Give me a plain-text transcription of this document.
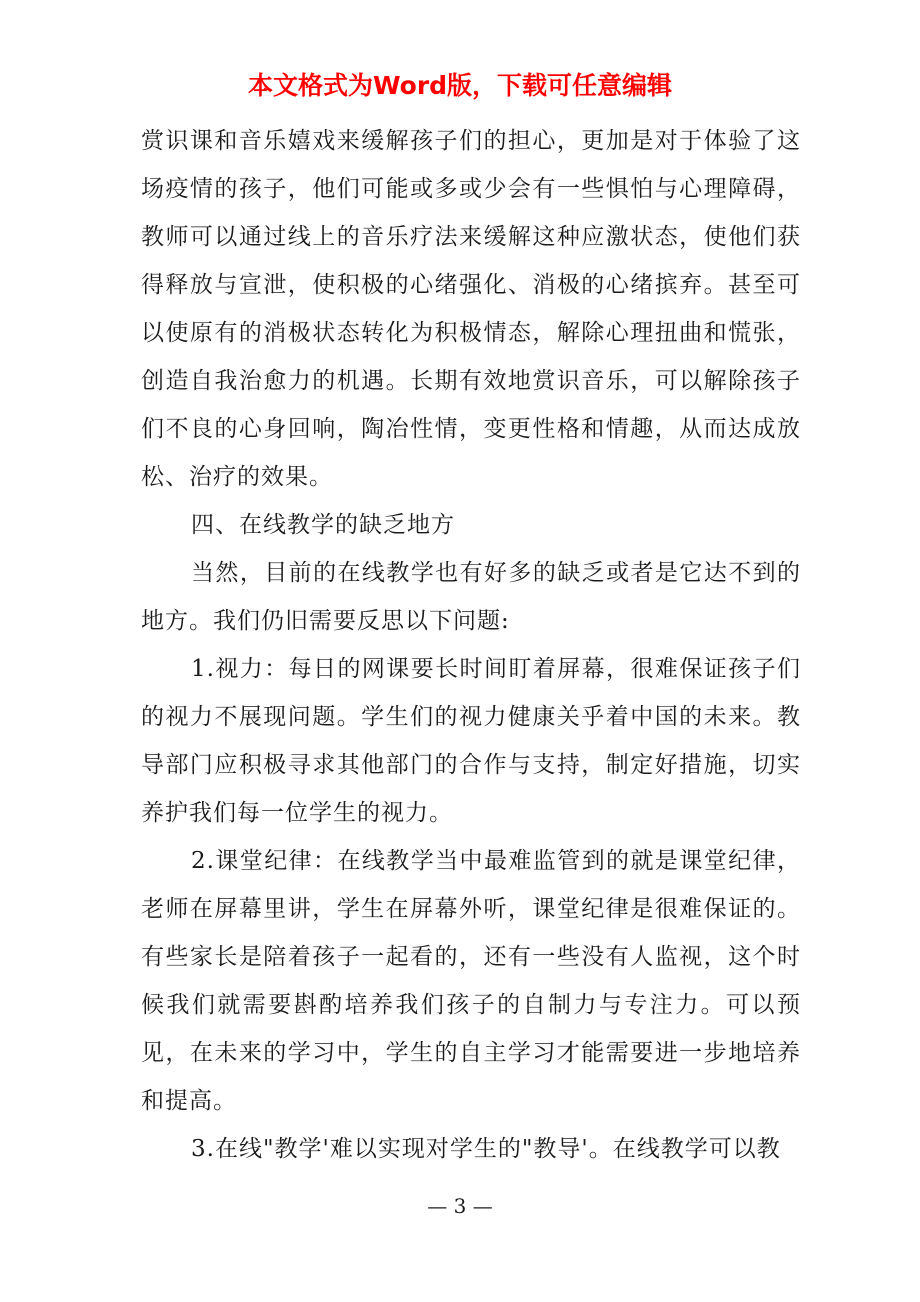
本文格式为Word版，下载可任意编辑

赏识课和音乐嬉戏来缓解孩子们的担心，更加是对于体验了这场疫情的孩子，他们可能或多或少会有一些惧怕与心理障碍，教师可以通过线上的音乐疗法来缓解这种应激状态，使他们获得释放与宣泄，使积极的心绪强化、消极的心绪摈弃。甚至可以使原有的消极状态转化为积极情态，解除心理扭曲和慌张，创造自我治愈力的机遇。长期有效地赏识音乐，可以解除孩子们不良的心身回响，陶冶性情，变更性格和情趣，从而达成放松、治疗的效果。

四、在线教学的缺乏地方

当然，目前的在线教学也有好多的缺乏或者是它达不到的地方。我们仍旧需要反思以下问题:

1.视力：每日的网课要长时间盯着屏幕，很难保证孩子们的视力不展现问题。学生们的视力健康关乎着中国的未来。教导部门应积极寻求其他部门的合作与支持，制定好措施，切实养护我们每一位学生的视力。

2.课堂纪律：在线教学当中最难监管到的就是课堂纪律，老师在屏幕里讲，学生在屏幕外听，课堂纪律是很难保证的。有些家长是陪着孩子一起看的，还有一些没有人监视，这个时候我们就需要斟酌培养我们孩子的自制力与专注力。可以预见，在未来的学习中，学生的自主学习才能需要进一步地培养和提高。

3.在线"教学'难以实现对学生的"教导'。在线教学可以教

— 3 —
